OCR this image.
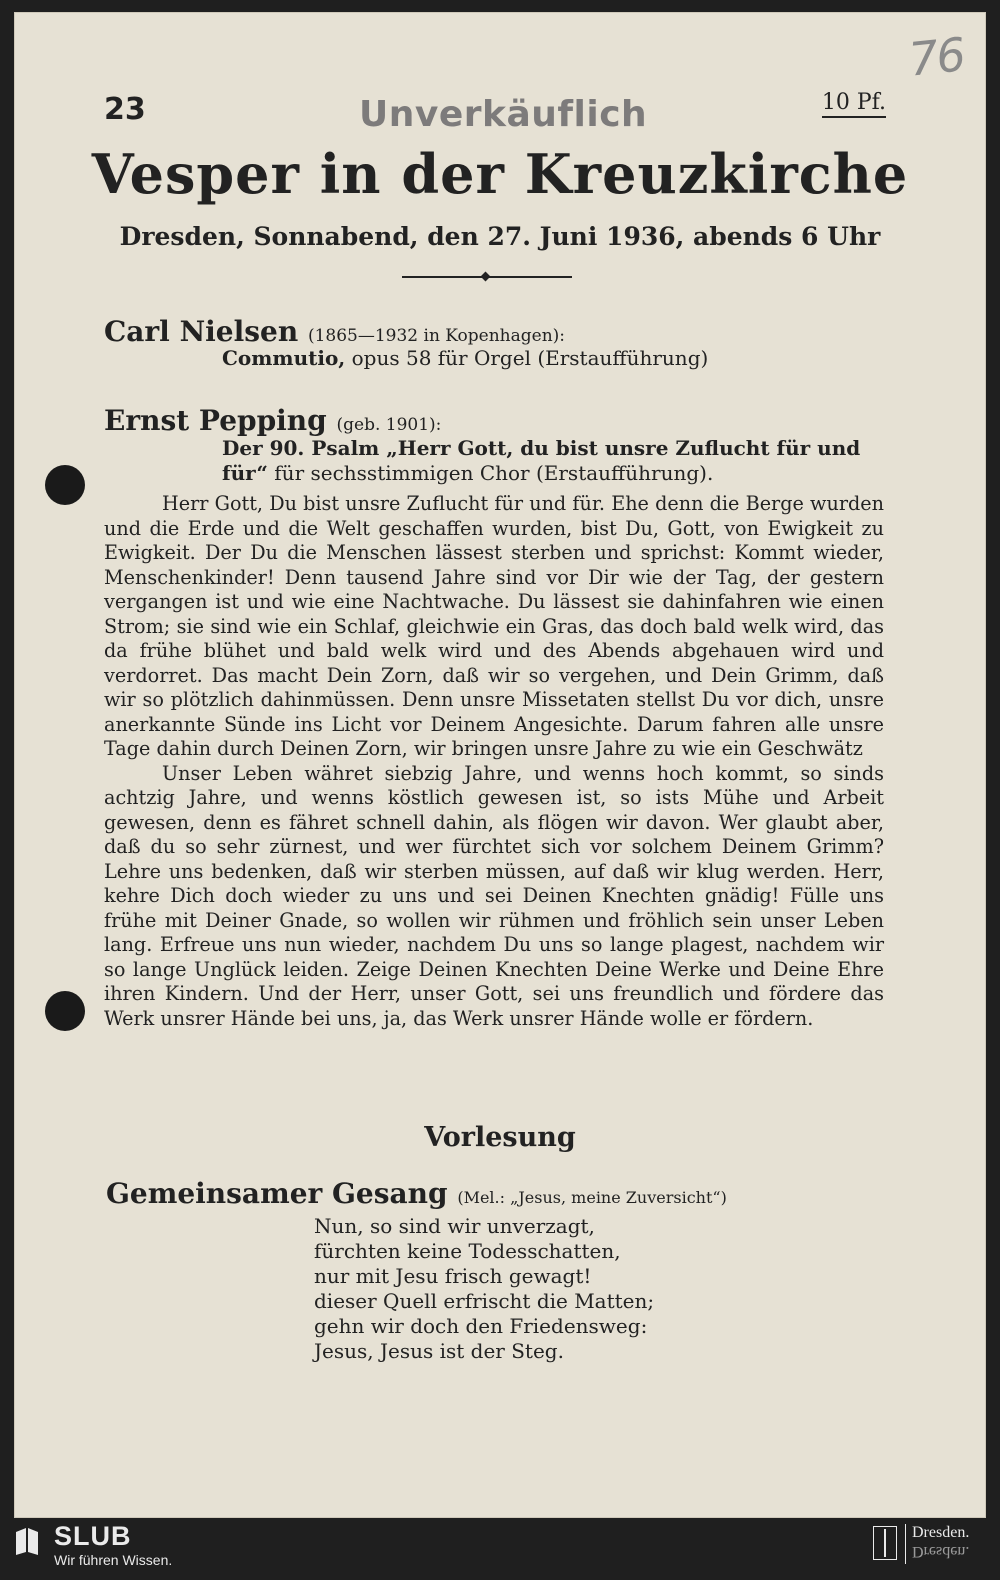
76
23	Unverkäuflich	10 Pf.
Vesper in der Kreuzkirche
Dresden, Sonnabend, den 27. Juni 1936, abends 6 Uhr
Carl Nielsen (1865—1932 in Kopenhagen):
Commutio, opus 58 für Orgel (Erstaufführung)
Ernst Pepping (geb. 1901):
Der 90. Psalm „Herr Gott, du bist unsre Zuflucht für und für“ für sechsstimmigen Chor (Erstaufführung).

Herr Gott, Du bist unsre Zuflucht für und für. Ehe denn die Berge wurden und die Erde und die Welt geschaffen wurden, bist Du, Gott, von Ewigkeit zu Ewigkeit. Der Du die Menschen lässest sterben und sprichst: Kommt wieder, Menschenkinder! Denn tausend Jahre sind vor Dir wie der Tag, der gestern vergangen ist und wie eine Nachtwache. Du lässest sie dahinfahren wie einen Strom; sie sind wie ein Schlaf, gleichwie ein Gras, das doch bald welk wird, das da frühe blühet und bald welk wird und des Abends abgehauen wird und verdorret. Das macht Dein Zorn, daß wir so vergehen, und Dein Grimm, daß wir so plötzlich dahinmüssen. Denn unsre Missetaten stellst Du vor dich, unsre anerkannte Sünde ins Licht vor Deinem Angesichte. Darum fahren alle unsre Tage dahin durch Deinen Zorn, wir bringen unsre Jahre zu wie ein Geschwätz

Unser Leben währet siebzig Jahre, und wenns hoch kommt, so sinds achtzig Jahre, und wenns köstlich gewesen ist, so ists Mühe und Arbeit gewesen, denn es fähret schnell dahin, als flögen wir davon. Wer glaubt aber, daß du so sehr zürnest, und wer fürchtet sich vor solchem Deinem Grimm? Lehre uns bedenken, daß wir sterben müssen, auf daß wir klug werden. Herr, kehre Dich doch wieder zu uns und sei Deinen Knechten gnädig! Fülle uns frühe mit Deiner Gnade, so wollen wir rühmen und fröhlich sein unser Leben lang. Erfreue uns nun wieder, nachdem Du uns so lange plagest, nachdem wir so lange Unglück leiden. Zeige Deinen Knechten Deine Werke und Deine Ehre ihren Kindern. Und der Herr, unser Gott, sei uns freundlich und fördere das Werk unsrer Hände bei uns, ja, das Werk unsrer Hände wolle er fördern.

Vorlesung
Gemeinsamer Gesang (Mel.: „Jesus, meine Zuversicht“)
Nun, so sind wir unverzagt,
fürchten keine Todesschatten,
nur mit Jesu frisch gewagt!
dieser Quell erfrischt die Matten;
gehn wir doch den Friedensweg:
Jesus, Jesus ist der Steg.
SLUB
Wir führen Wissen.
Dresden.
Dresden.
